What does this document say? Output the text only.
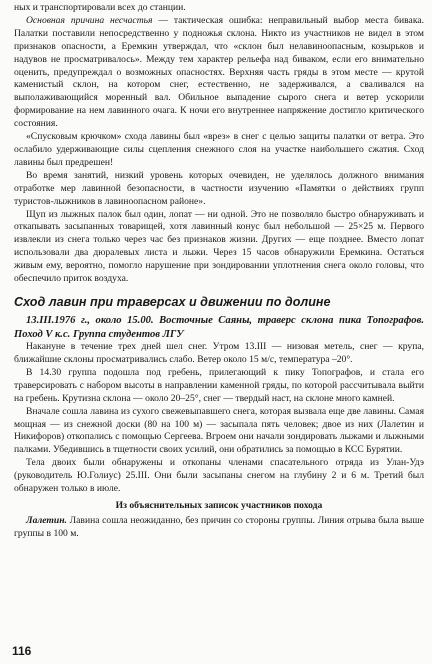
ных и транспортировали всех до станции.

Основная причина несчастья — тактическая ошибка: неправильный выбор места бивака. Палатки поставили непосредственно у подножья склона. Никто из участников не видел в этом признаков опасности, а Еремкин утверждал, что «склон был нелавиноопасным, козырьков и надувов не просматривалось». Между тем характер рельефа над биваком, если его внимательно оценить, предупреждал о возможных опасностях. Верхняя часть гряды в этом месте — крутой каменистый склон, на котором снег, естественно, не задерживался, а сваливался на выполаживающийся моренный вал. Обильное выпадение сырого снега и ветер ускорили формирование на нем лавинного очага. К ночи его внутреннее напряжение достигло критического состояния.

«Спусковым крючком» схода лавины был «врез» в снег с целью защиты палатки от ветра. Это ослабило удерживающие силы сцепления снежного слоя на участке наибольшего сжатия. Сход лавины был предрешен!

Во время занятий, низкий уровень которых очевиден, не уделялось должного внимания отработке мер лавинной безопасности, в частности изучению «Памятки о действиях групп туристов-лыжников в лавиноопасном районе».

Щуп из лыжных палок был один, лопат — ни одной. Это не позволяло быстро обнаруживать и откапывать засыпанных товарищей, хотя лавинный конус был небольшой — 25×25 м. Первого извлекли из снега только через час без признаков жизни. Других — еще позднее. Вместо лопат использовали два дюралевых листа и лыжи. Через 15 часов обнаружили Еремкина. Остаться живым ему, вероятно, помогло нарушение при зондировании уплотнения снега около головы, что обеспечило приток воздуха.

Сход лавин при траверсах и движении по долине

13.III.1976 г., около 15.00. Восточные Саяны, траверс склона пика Топографов. Поход V к.с. Группа студентов ЛГУ

Накануне в течение трех дней шел снег. Утром 13.III — низовая метель, снег — крупа, ближайшие склоны просматривались слабо. Ветер около 15 м/с, температура –20°.

В 14.30 группа подошла под гребень, прилегающий к пику Топографов, и стала его траверсировать с набором высоты в направлении каменной гряды, по которой рассчитывала выйти на гребень. Крутизна склона — около 20–25°, снег — твердый наст, на склоне много камней.

Вначале сошла лавина из сухого свежевыпавшего снега, которая вызвала еще две лавины. Самая мощная — из снежной доски (80 на 100 м) — засыпала пять человек; двое из них (Лалетин и Никифоров) откопались с помощью Сергеева. Вгроем они начали зондировать лыжами и лыжными палками. Убедившись в тщетности своих усилий, они обратились за помощью в КСС Бурятии.

Тела двоих были обнаружены и откопаны членами спасательного отряда из Улан-Удэ (руководитель Ю.Голиус) 25.III. Они были засыпаны снегом на глубину 2 и 6 м. Третий был обнаружен только в июле.

Из объяснительных записок участников похода

Лалетин. Лавина сошла неожиданно, без причин со стороны группы. Линия отрыва была выше группы в 100 м.

116
